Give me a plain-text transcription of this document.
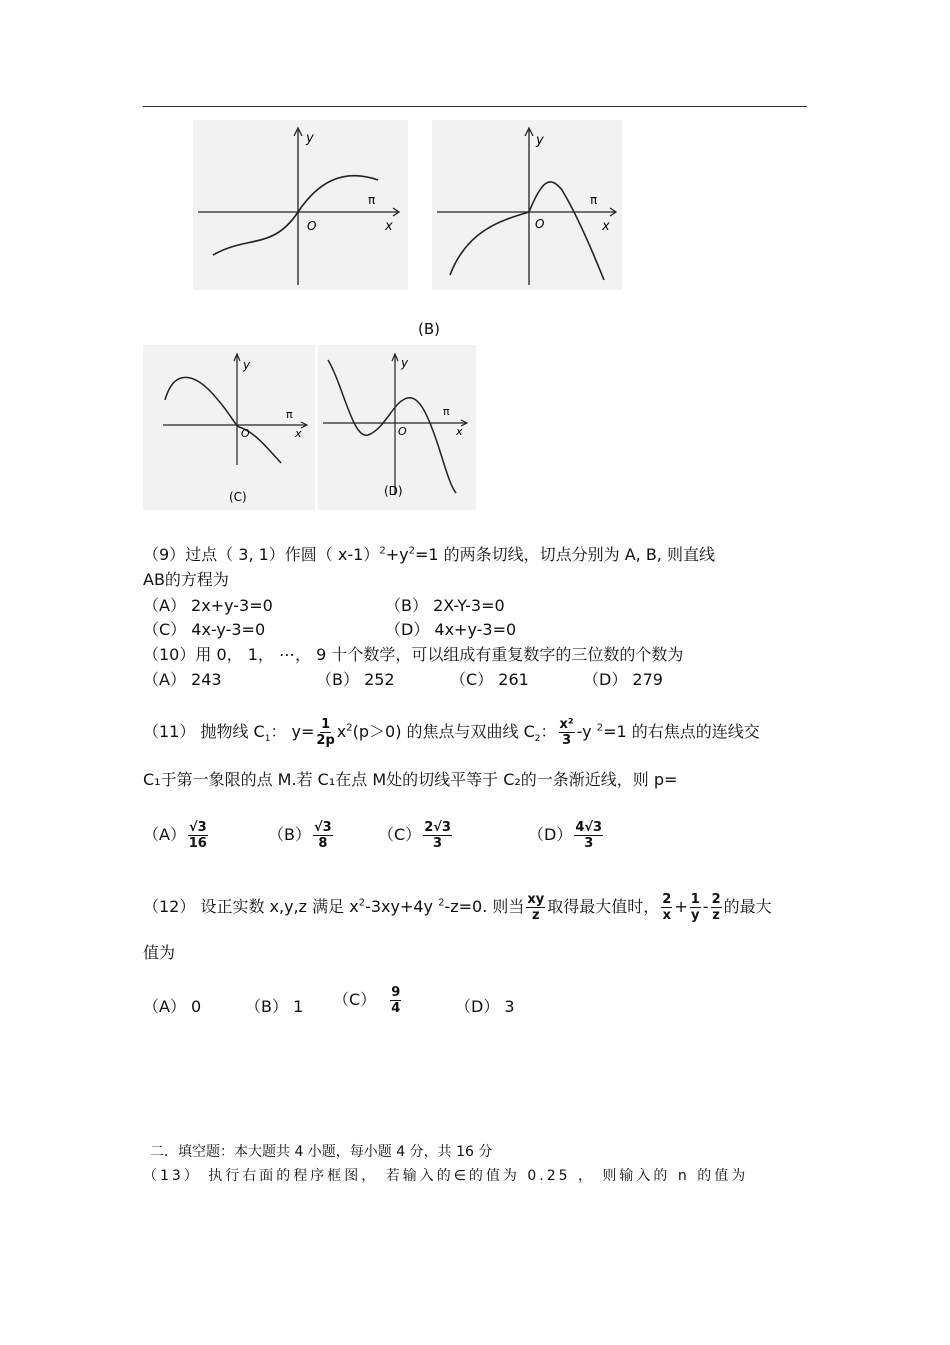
y
x
O
π
y
x
O
π
(B)
y
x
O
π
(C)
y
x
O
π
(D)
（9）过点（ 3, 1）作圆（ $x-1)^2+y^2=1$ 的两条切线，切点分别为 A, B, 则直线
AB的方程为
（A） 2x+y-3=0	（B） 2X-Y-3=0
（C） 4x-y-3=0	（D） 4x+y-3=0
（10）用 0， 1， ⋯， 9 十个数学，可以组成有重复数字的三位数的个数为
（A） 243	（B） 252	（C） 261	（D） 279
（11） 抛物线 $C_1$： $y= \frac{1}{2p} x^2(p>0)$ 的焦点与双曲线 $C_2$： $\frac{\text{x²}}{3} -y$ $^2$=1 的右焦点的连线交
C₁于第一象限的点 M.若 C₁在点 M处的切线平等于 C₂的一条渐近线，则 p=
$(A) \frac{√3}{16}$	$(B) \frac{√3}{8}$	$(C) \frac{2√3}{3}$	$(D) \frac{4√3}{3}$
（12） 设正实数 x,y,z 满足 $x^2-3xy+4y$ $^2$-z=0. 则当 $\frac{xy}{z}$ 取得最大值时， $\frac{2}{x} + \frac{1}{y} - \frac{2}{z}$ 的最大
值为
（A） 0	（B） 1 $(C) \frac{9}{4}$	（D） 3
二．填空题：本大题共 4 小题，每小题 4 分，共 16 分
（13） 执行右面的程序框图， 若输入的∈的值为 0.25 ， 则输入的 n 的值为
